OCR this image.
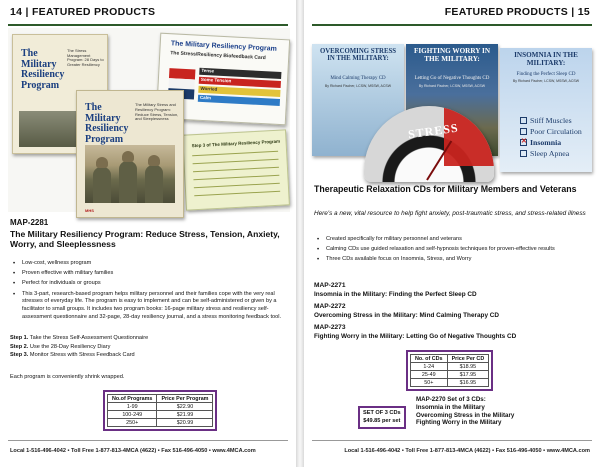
14 | FEATURED PRODUCTS
The Military Resiliency Program
The Stress Management Program: 28 Days to Greater Resiliency
The Military Resiliency Program
The Stress/Resiliency Biofeedback Card
Tense
Some Tension
Worried
Calm
Step 3 of The Military Resiliency Program
The Military Resiliency Program
The Military Stress and Resiliency Program: Reduce Stress, Tension, and Sleeplessness
MHS
MAP-2281
The Military Resiliency Program: Reduce Stress, Tension, Anxiety, Worry, and Sleeplessness
• Low-cost, wellness program
• Proven effective with military families
• Perfect for individuals or groups
• This 3-part, research-based program helps military personnel and their families cope with the very real stresses of everyday life. The program is easy to implement and can be self-administered or given by a facilitator to small groups. It includes two program books: 16-page military stress and resiliency self-assessment questionnaire and 32-page, 28-day resiliency journal, and a stress monitoring feedback tool.
Step 1. Take the Stress Self-Assessment Questionnaire
Step 2. Use the 28-Day Resiliency Diary
Step 3. Monitor Stress with Stress Feedback Card
Each program is conveniently shrink wrapped.
No.of Programs	Price Per Program
1-99	$22.90
100-249	$21.99
250+	$20.99
Local 1-516-496-4042 • Toll Free 1-877-813-4MCA (4622) • Fax 516-496-4050 • www.4MCA.com
FEATURED PRODUCTS | 15
OVERCOMING STRESS IN THE MILITARY:
Mind Calming Therapy CD
By Richard Fischer, LCSW, MSSW, ACSW
FIGHTING WORRY IN THE MILITARY:
Letting Go of Negative Thoughts CD
By Richard Fischer, LCSW, MSSW, ACSW
INSOMNIA IN THE MILITARY:
Finding the Perfect Sleep CD
By Richard Fischer, LCSW, MSSW, ACSW
Stiff Muscles
Poor Circulation
✕Insomnia
Sleep Apnea
STRESS
Therapeutic Relaxation CDs for Military Members and Veterans
Here's a new, vital resource to help fight anxiety, post-traumatic stress, and stress-related illness
• Created specifically for military personnel and veterans
• Calming CDs use guided relaxation and self-hypnosis techniques for proven-effective results
• Three CDs available focus on Insomnia, Stress, and Worry
MAP-2271
Insomnia in the Military: Finding the Perfect Sleep CD
MAP-2272
Overcoming Stress in the Military: Mind Calming Therapy CD
MAP-2273
Fighting Worry in the Military: Letting Go of Negative Thoughts CD
No. of CDs	Price Per CD
1-24	$18.95
25-49	$17.95
50+	$16.95
SET OF 3 CDs
$49.85 per set
MAP-2270 Set of 3 CDs:
Insomnia in the Military
Overcoming Stress in the Military
Fighting Worry in the Military
Local 1-516-496-4042 • Toll Free 1-877-813-4MCA (4622) • Fax 516-496-4050 • www.4MCA.com
